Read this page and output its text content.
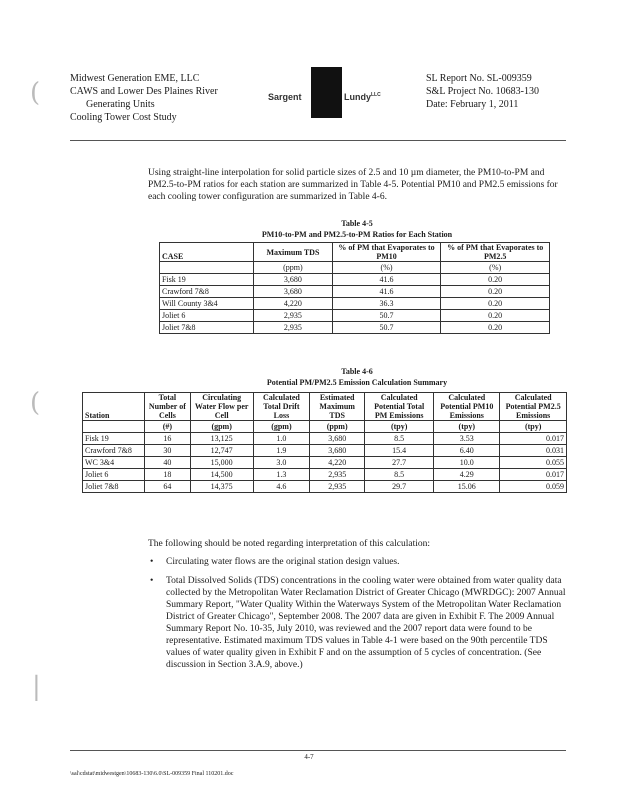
(
(
|
Midwest Generation EME, LLC
CAWS and Lower Des Plaines River
Generating Units
Cooling Tower Cost Study
Sargent	Lundy$^{LLC}$
SL Report No. SL-009359
S&L Project No. 10683-130
Date: February 1, 2011
Using straight-line interpolation for solid particle sizes of 2.5 and 10 µm diameter, the PM10-to-PM and PM2.5-to-PM ratios for each station are summarized in Table 4-5. Potential PM10 and PM2.5 emissions for each cooling tower configuration are summarized in Table 4-6.
Table 4-5
PM10-to-PM and PM2.5-to-PM Ratios for Each Station
CASE	Maximum TDS	% of PM that Evaporates to PM10	% of PM that Evaporates to PM2.5
	(ppm)	(%)	(%)
Fisk 19	3,680	41.6	0.20
Crawford 7&8	3,680	41.6	0.20
Will County 3&4	4,220	36.3	0.20
Joliet 6	2,935	50.7	0.20
Joliet 7&8	2,935	50.7	0.20
Table 4-6
Potential PM/PM2.5 Emission Calculation Summary
Station	Total Number of Cells	Circulating Water Flow per Cell	Calculated Total Drift Loss	Estimated Maximum TDS	Calculated Potential Total PM Emissions	Calculated Potential PM10 Emissions	Calculated Potential PM2.5 Emissions
	(#)	(gpm)	(gpm)	(ppm)	(tpy)	(tpy)	(tpy)
Fisk 19	16	13,125	1.0	3,680	8.5	3.53	0.017
Crawford 7&8	30	12,747	1.9	3,680	15.4	6.40	0.031
WC 3&4	40	15,000	3.0	4,220	27.7	10.0	0.055
Joliet 6	18	14,500	1.3	2,935	8.5	4.29	0.017
Joliet 7&8	64	14,375	4.6	2,935	29.7	15.06	0.059
The following should be noted regarding interpretation of this calculation:
• Circulating water flows are the original station design values.
• Total Dissolved Solids (TDS) concentrations in the cooling water were obtained from water quality data collected by the Metropolitan Water Reclamation District of Greater Chicago (MWRDGC): 2007 Annual Summary Report, "Water Quality Within the Waterways System of the Metropolitan Water Reclamation District of Greater Chicago", September 2008. The 2007 data are given in Exhibit F. The 2009 Annual Summary Report No. 10-35, July 2010, was reviewed and the 2007 report data were found to be representative. Estimated maximum TDS values in Table 4-1 were based on the 90th percentile TDS values of water quality given in Exhibit F and on the assumption of 5 cycles of concentration. (See discussion in Section 3.A.9, above.)
4-7
\sal\cdstat\midwestgen\10683-130\6.0\SL-009359 Final 110201.doc
